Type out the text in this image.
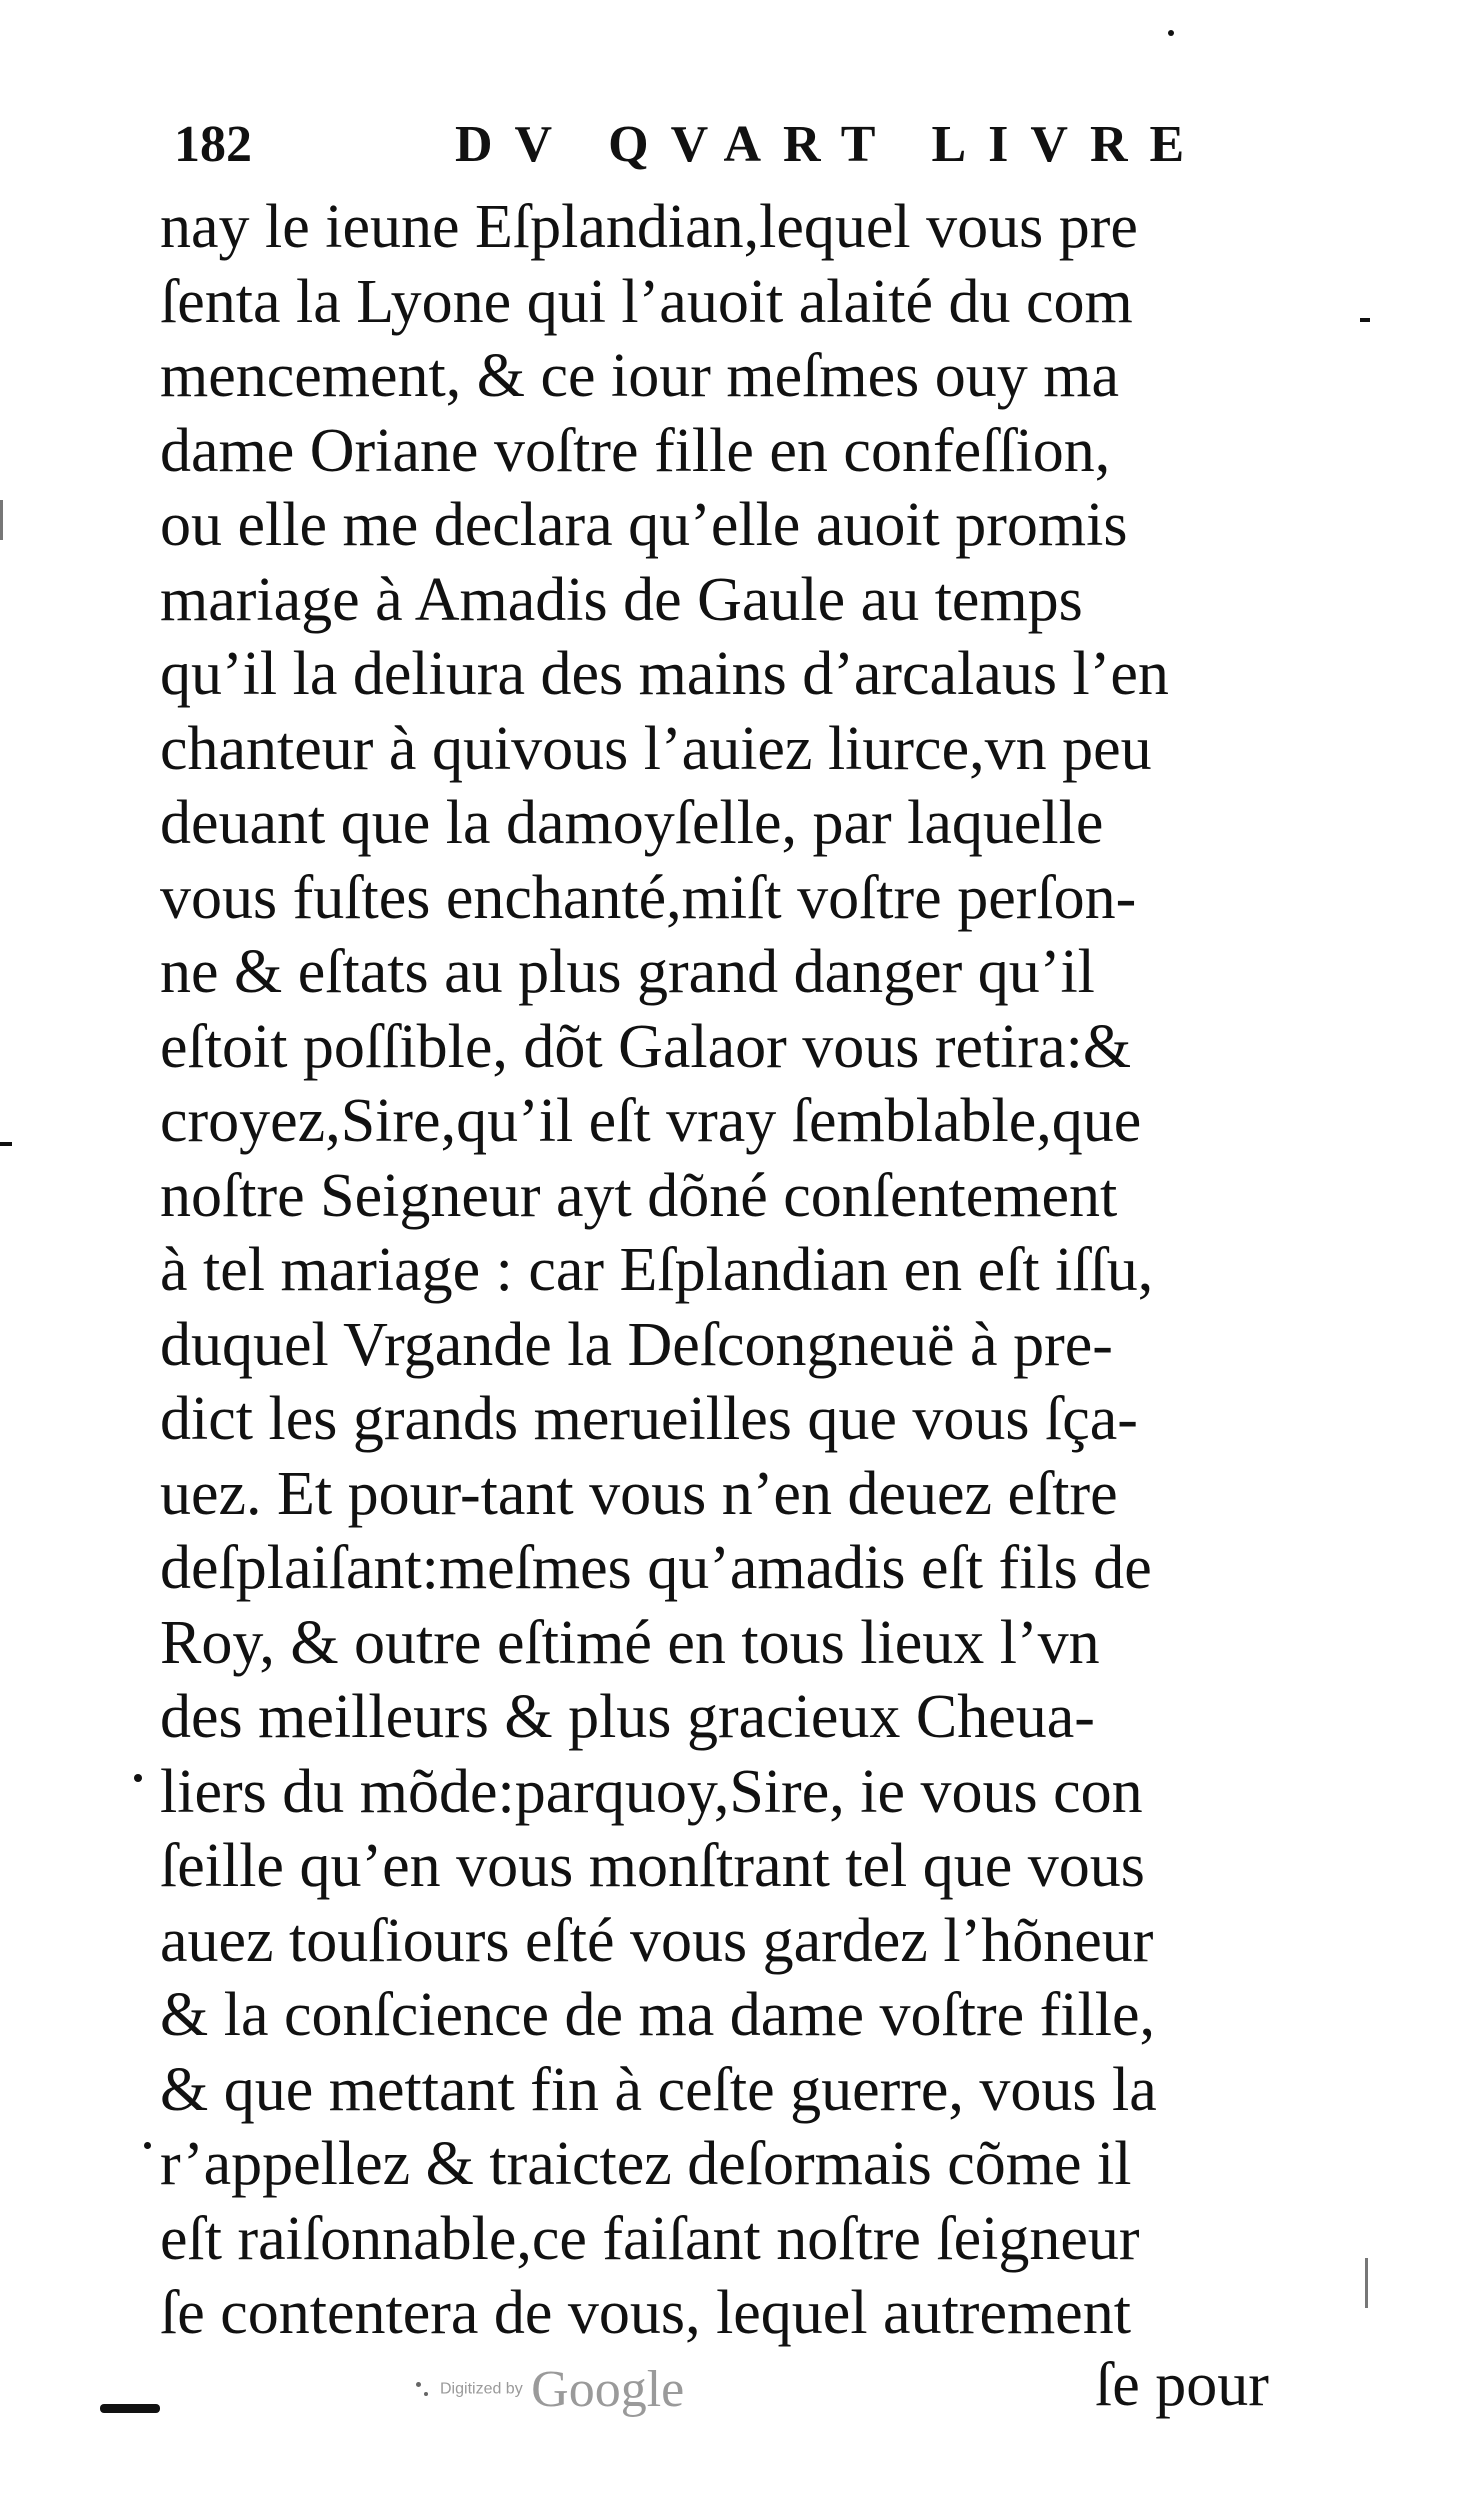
182	DV QVART LIVRE
nay le ieune Eſplandian,lequel vous pre
ſenta la Lyone qui l’auoit alaité du com
mencement, & ce iour meſmes ouy ma
dame Oriane voſtre fille en confeſſion,
ou elle me declara qu’elle auoit promis
mariage à Amadis de Gaule au temps
qu’il la deliura des mains d’arcalaus l’en
chanteur à quivous l’auiez liurce,vn peu
deuant que la damoyſelle, par laquelle
vous fuſtes enchanté,miſt voſtre perſon-
ne & eſtats au plus grand danger qu’il
eſtoit poſſible, dõt Galaor vous retira:&
croyez,Sire,qu’il eſt vray ſemblable,que
noſtre Seigneur ayt dõné conſentement
à tel mariage : car Eſplandian en eſt iſſu,
duquel Vrgande la Deſcongneuë à pre-
dict les grands merueilles que vous ſça-
uez. Et pour-tant vous n’en deuez eſtre
deſplaiſant:meſmes qu’amadis eſt fils de
Roy, & outre eſtimé en tous lieux l’vn
des meilleurs & plus gracieux Cheua-
liers du mõde:parquoy,Sire, ie vous con
ſeille qu’en vous monſtrant tel que vous
auez touſiours eſté vous gardez l’hõneur
& la conſcience de ma dame voſtre fille,
& que mettant fin à ceſte guerre, vous la
r’appellez & traictez deſormais cõme il
eſt raiſonnable,ce faiſant noſtre ſeigneur
ſe contentera de vous, lequel autrement
ſe pour
Digitized by Google
